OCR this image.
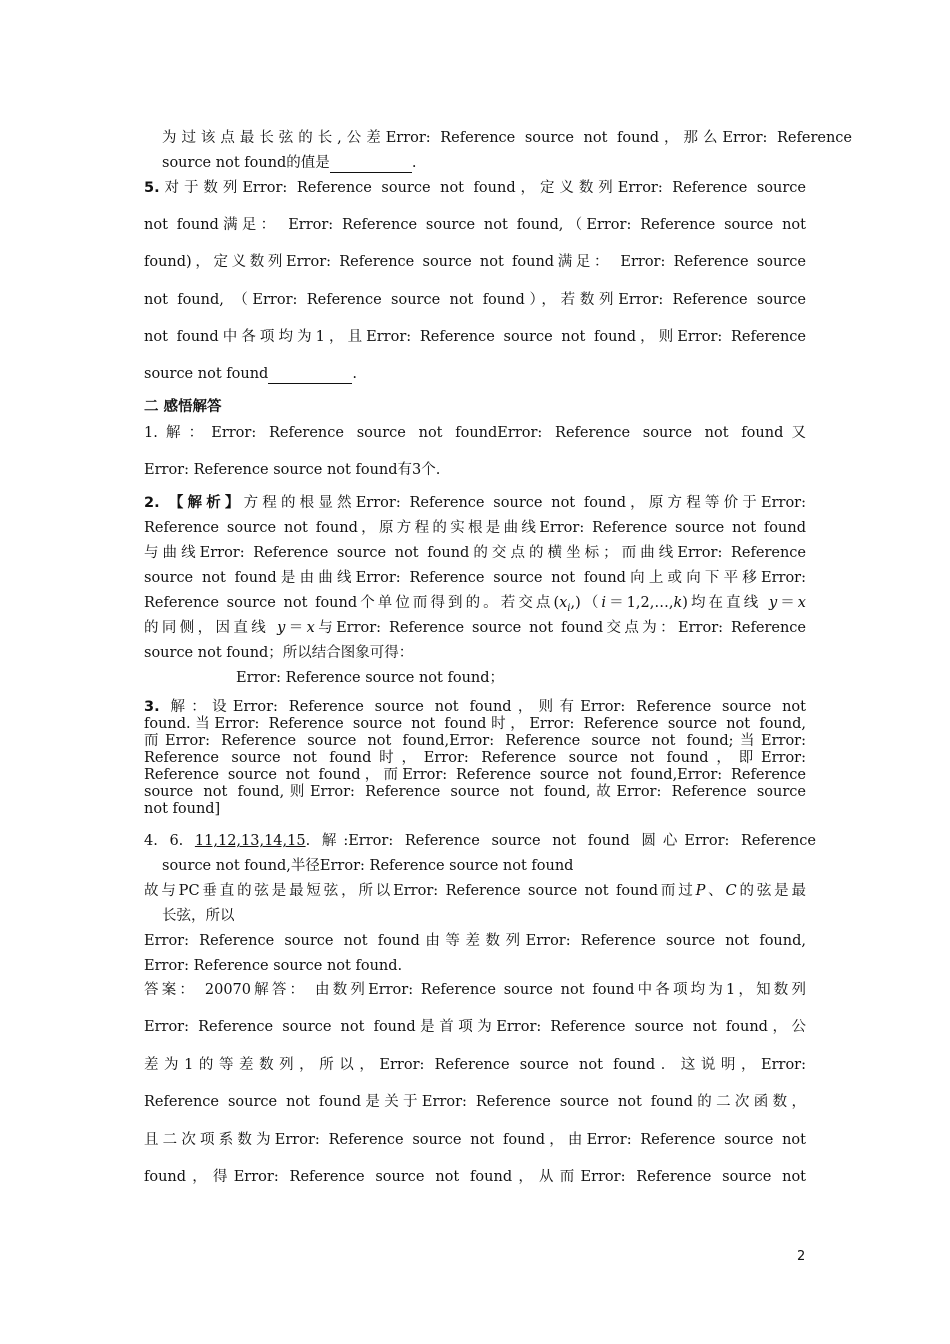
为过该点最长弦的长,公差Error: Reference source not found，那么Error: Reference
source not found的值是	.
5.对于数列Error: Reference source not found，定义数列Error: Reference source
not found满足： Error: Reference source not found,（Error: Reference source not
found)，定义数列Error: Reference source not found满足： Error: Reference source
not found, （Error: Reference source not found），若数列Error: Reference source
not found中各项均为1，且Error: Reference source not found，则Error: Reference
source not found	.
二 感悟解答
1.解：Error: Reference source not foundError: Reference source not found又
Error: Reference source not found有3个.
2. 【解析】方程的根显然Error: Reference source not found，原方程等价于Error:
Reference source not found，原方程的实根是曲线Error: Reference source not found
与曲线Error: Reference source not found的交点的横坐标；而曲线Error: Reference
source not found是由曲线Error: Reference source not found向上或向下平移Error:
Reference source not found个单位而得到的。若交点$(x_i,)(i=1,2,\dots,k)$均在直线 y＝x
的同侧，因直线 y＝x与Error: Reference source not found交点为：Error: Reference
source not found；所以结合图象可得：
Error: Reference source not found；
3. 解：设Error: Reference source not found，则有Error: Reference source not
found.当Error: Reference source not found时，Error: Reference source not found,
而Error: Reference source not found,Error: Reference source not found;当Error:
Reference source not found时，Error: Reference source not found，即Error:
Reference source not found，而Error: Reference source not found,Error: Reference
source not found,则Error: Reference source not found,故Error: Reference source
not found]
4. 6. 11,12,13,14,15. 解:Error: Reference source not found 圆心Error: Reference
source not found,半径Error: Reference source not found
故与PC垂直的弦是最短弦，所以Error: Reference source not found而过P、C的弦是最
长弦，所以
Error: Reference source not found由等差数列Error: Reference source not found,
Error: Reference source not found.
答案： 20070解答： 由数列Error: Reference source not found中各项均为1，知数列
Error: Reference source not found是首项为Error: Reference source not found，公
差为1的等差数列，所以，Error: Reference source not found．这说明，Error:
Reference source not found是关于Error: Reference source not found的二次函数，
且二次项系数为Error: Reference source not found，由Error: Reference source not
found，得Error: Reference source not found，从而Error: Reference source not
2
